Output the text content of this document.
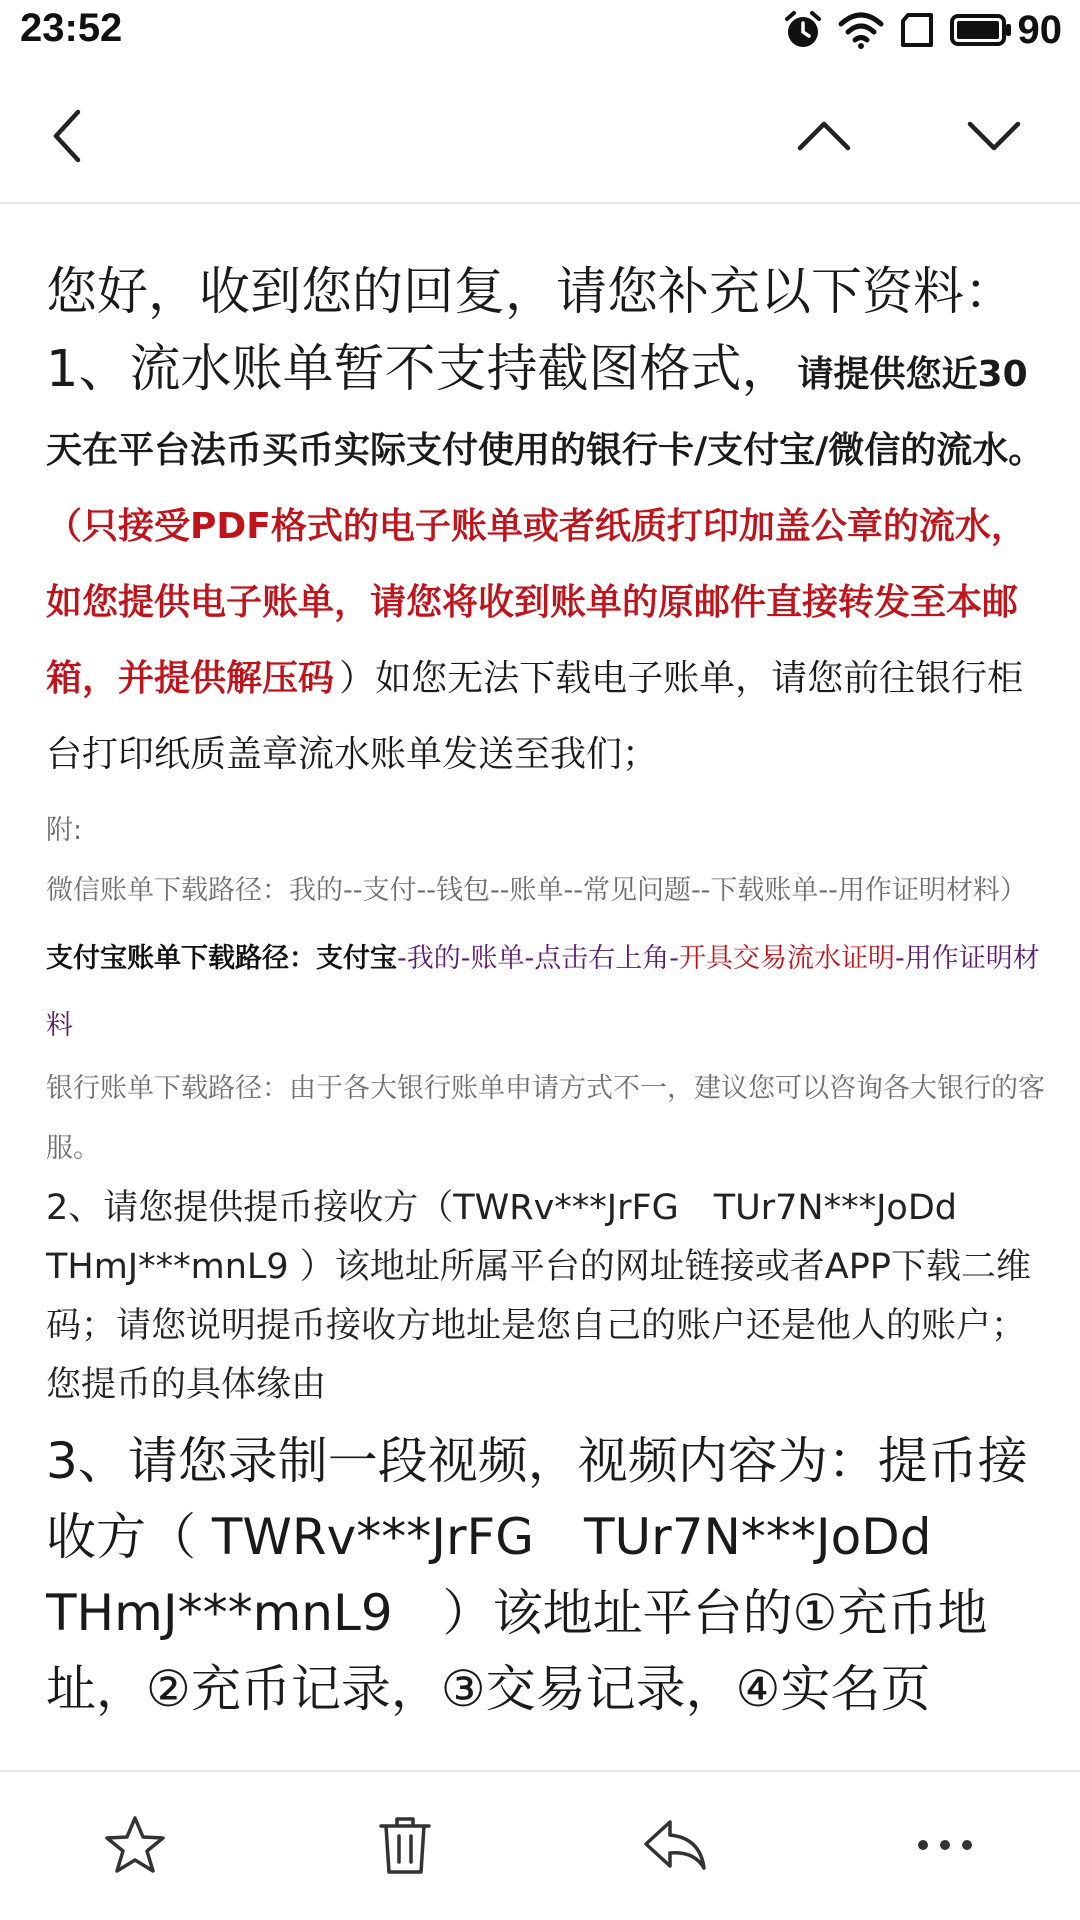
23:52	90
您好，收到您的回复，请您补充以下资料：
1、流水账单暂不支持截图格式， 请提供您近30天在平台法币买币实际支付使用的银行卡/支付宝/微信的流水。 （只接受PDF格式的电子账单或者纸质打印加盖公章的流水，如您提供电子账单，请您将收到账单的原邮件直接转发至本邮箱，并提供解压码 ）如您无法下载电子账单，请您前往银行柜台打印纸质盖章流水账单发送至我们；
附:
微信账单下载路径：我的--支付--钱包--账单--常见问题--下载账单--用作证明材料）
支付宝账单下载路径：支付宝-我的-账单-点击右上角-开具交易流水证明-用作证明材料
银行账单下载路径：由于各大银行账单申请方式不一，建议您可以咨询各大银行的客服。
2、请您提供提币接收方（TWRv***JrFG　TUr7N***JoDd　THmJ***mnL9 ）该地址所属平台的网址链接或者APP下载二维码；请您说明提币接收方地址是您自己的账户还是他人的账户；您提币的具体缘由
3、请您录制一段视频，视频内容为：提币接收方（ TWRv***JrFG　TUr7N***JoDd　THmJ***mnL9　）该地址平台的①充币地址，②充币记录，③交易记录，④实名页
